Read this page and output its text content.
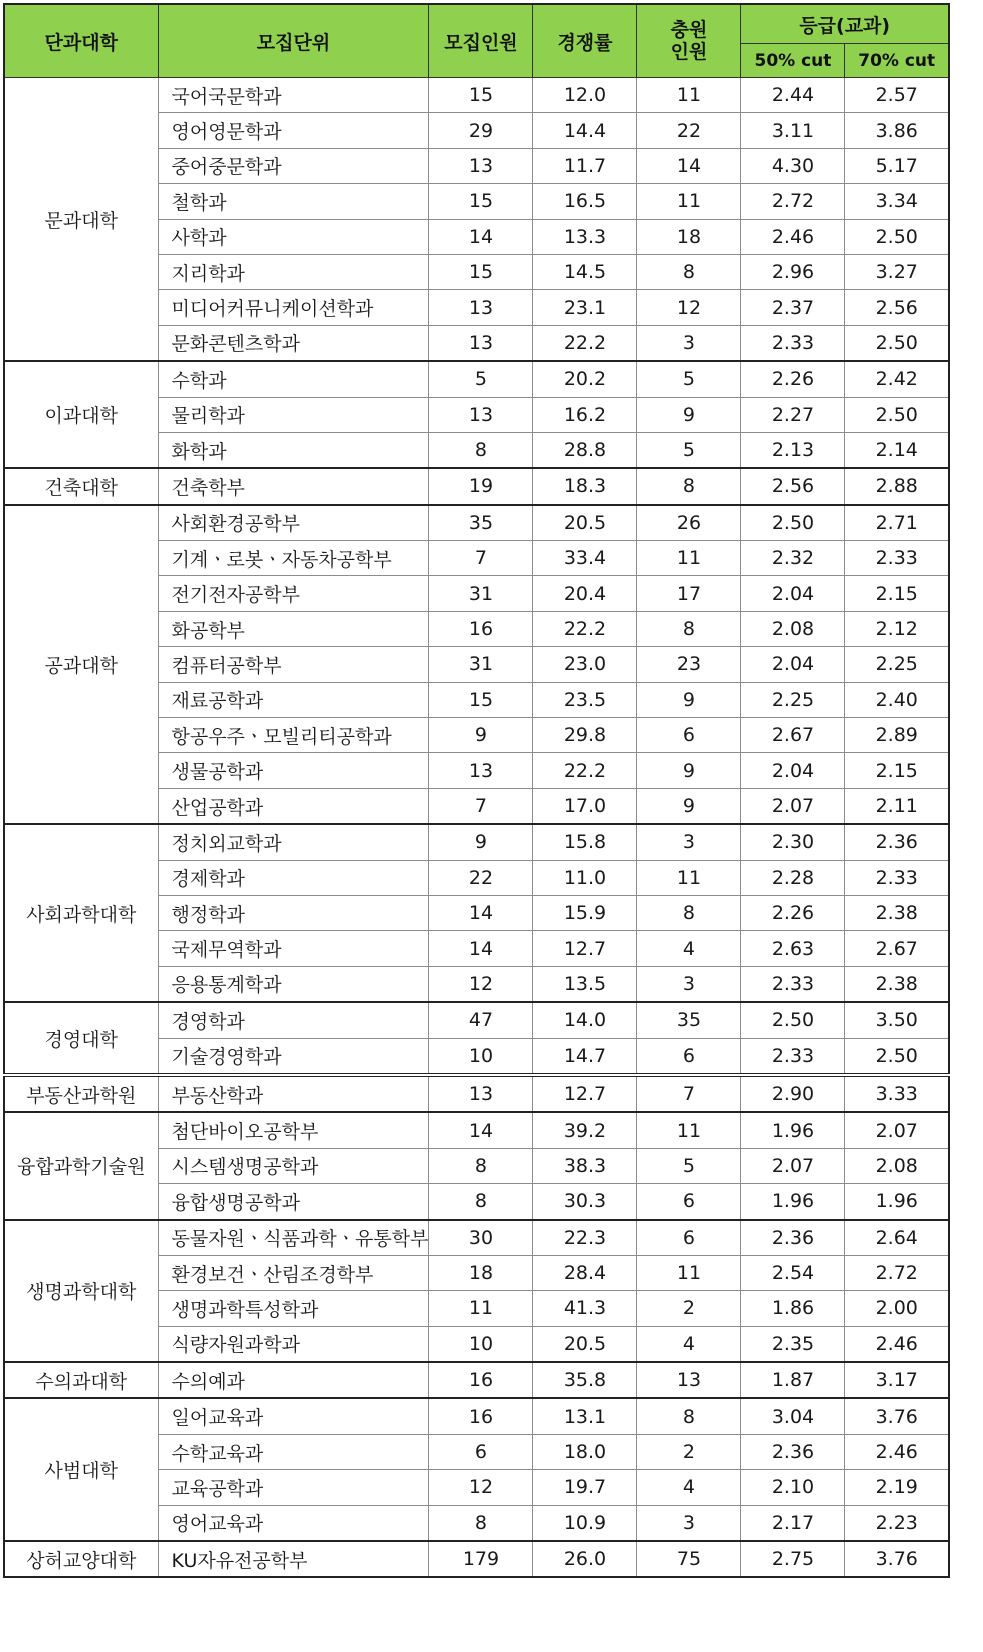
단과대학	모집단위	모집인원	경쟁률	충원
인원	등급(교과)	
					50% cut	70% cut
문과대학	국어국문학과	15	12.0	11	2.44	2.57
	영어영문학과	29	14.4	22	3.11	3.86
	중어중문학과	13	11.7	14	4.30	5.17
	철학과	15	16.5	11	2.72	3.34
	사학과	14	13.3	18	2.46	2.50
	지리학과	15	14.5	8	2.96	3.27
	미디어커뮤니케이션학과	13	23.1	12	2.37	2.56
	문화콘텐츠학과	13	22.2	3	2.33	2.50
이과대학	수학과	5	20.2	5	2.26	2.42
	물리학과	13	16.2	9	2.27	2.50
	화학과	8	28.8	5	2.13	2.14
건축대학	건축학부	19	18.3	8	2.56	2.88
공과대학	사회환경공학부	35	20.5	26	2.50	2.71
	기계ㆍ로봇ㆍ자동차공학부	7	33.4	11	2.32	2.33
	전기전자공학부	31	20.4	17	2.04	2.15
	화공학부	16	22.2	8	2.08	2.12
	컴퓨터공학부	31	23.0	23	2.04	2.25
	재료공학과	15	23.5	9	2.25	2.40
	항공우주ㆍ모빌리티공학과	9	29.8	6	2.67	2.89
	생물공학과	13	22.2	9	2.04	2.15
	산업공학과	7	17.0	9	2.07	2.11
사회과학대학	정치외교학과	9	15.8	3	2.30	2.36
	경제학과	22	11.0	11	2.28	2.33
	행정학과	14	15.9	8	2.26	2.38
	국제무역학과	14	12.7	4	2.63	2.67
	응용통계학과	12	13.5	3	2.33	2.38
경영대학	경영학과	47	14.0	35	2.50	3.50
	기술경영학과	10	14.7	6	2.33	2.50
부동산과학원	부동산학과	13	12.7	7	2.90	3.33
융합과학기술원	첨단바이오공학부	14	39.2	11	1.96	2.07
	시스템생명공학과	8	38.3	5	2.07	2.08
	융합생명공학과	8	30.3	6	1.96	1.96
생명과학대학	동물자원ㆍ식품과학ㆍ유통학부	30	22.3	6	2.36	2.64
	환경보건ㆍ산림조경학부	18	28.4	11	2.54	2.72
	생명과학특성학과	11	41.3	2	1.86	2.00
	식량자원과학과	10	20.5	4	2.35	2.46
수의과대학	수의예과	16	35.8	13	1.87	3.17
사범대학	일어교육과	16	13.1	8	3.04	3.76
	수학교육과	6	18.0	2	2.36	2.46
	교육공학과	12	19.7	4	2.10	2.19
	영어교육과	8	10.9	3	2.17	2.23
상허교양대학	KU자유전공학부	179	26.0	75	2.75	3.76
